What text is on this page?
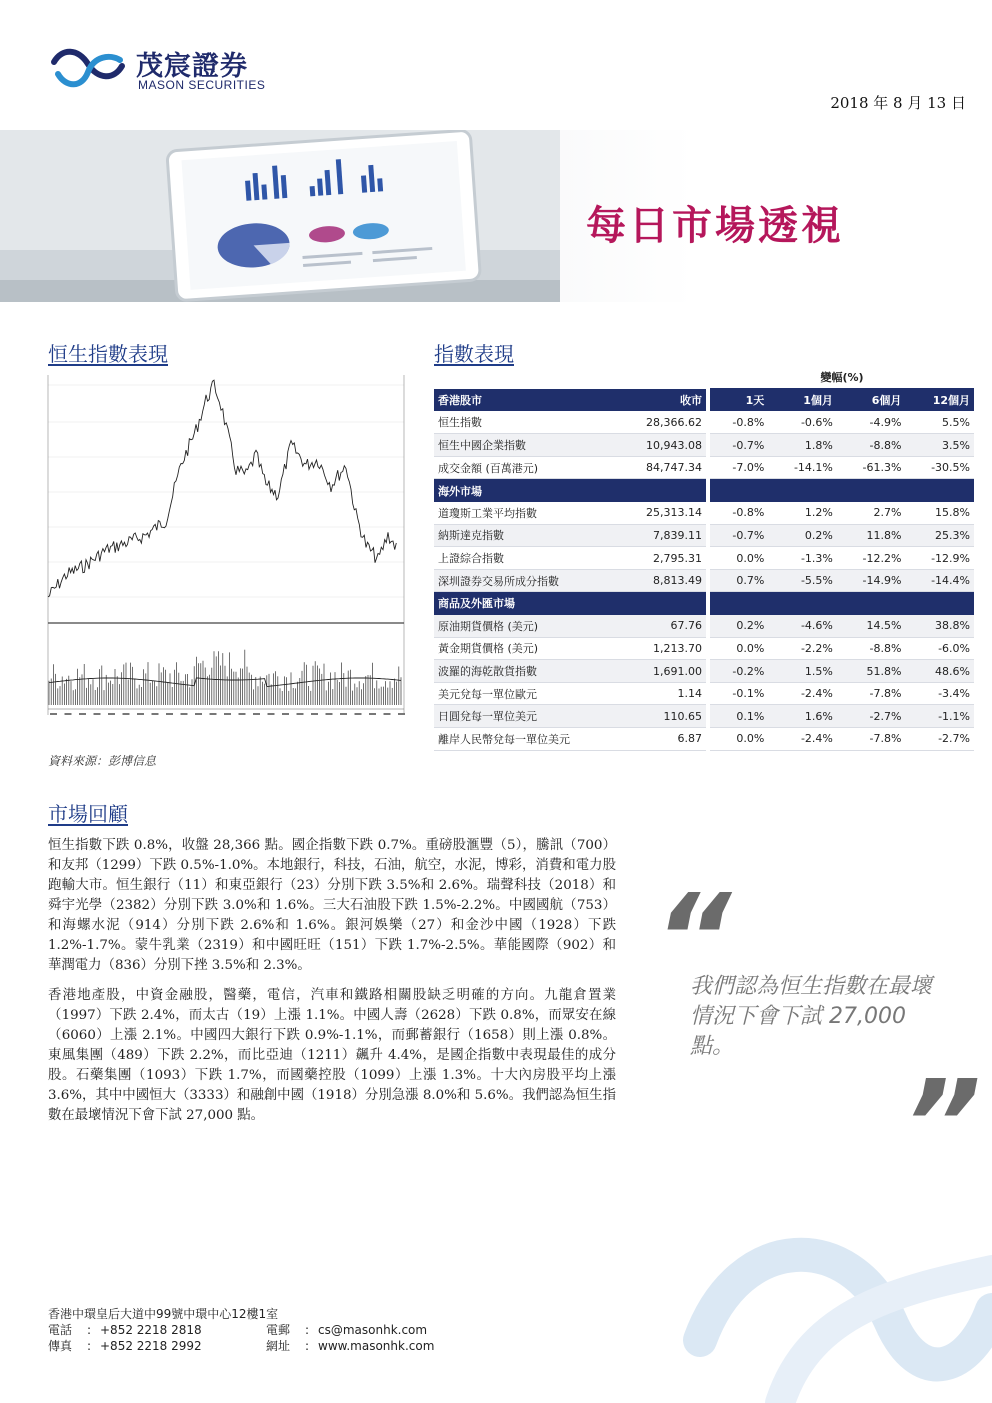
茂宸證券
MASON SECURITIES
2018 年 8 月 13 日
每日市場透視
恒生指數表現	指數表現
市場回顧
資料來源：彭博信息
			變幅(%)			
香港股市	收市		1天	1個月	6個月	12個月
恒生指數	28,366.62		-0.8%	-0.6%	-4.9%	5.5%
恒生中國企業指數	10,943.08		-0.7%	1.8%	-8.8%	3.5%
成交金額 (百萬港元)	84,747.34		-7.0%	-14.1%	-61.3%	-30.5%
海外市場						
道瓊斯工業平均指數	25,313.14		-0.8%	1.2%	2.7%	15.8%
納斯達克指數	7,839.11		-0.7%	0.2%	11.8%	25.3%
上證綜合指數	2,795.31		0.0%	-1.3%	-12.2%	-12.9%
深圳證券交易所成分指數	8,813.49		0.7%	-5.5%	-14.9%	-14.4%
商品及外匯市場						
原油期貨價格 (美元)	67.76		0.2%	-4.6%	14.5%	38.8%
黃金期貨價格 (美元)	1,213.70		0.0%	-2.2%	-8.8%	-6.0%
波羅的海乾散貨指數	1,691.00		-0.2%	1.5%	51.8%	48.6%
美元兌每一單位歐元	1.14		-0.1%	-2.4%	-7.8%	-3.4%
日圓兌每一單位美元	110.65		0.1%	1.6%	-2.7%	-1.1%
離岸人民幣兌每一單位美元	6.87		0.0%	-2.4%	-7.8%	-2.7%

恒生指數下跌 0.8%，收盤 28,366 點。國企指數下跌 0.7%。重磅股滙豐（5），騰訊（700）和友邦（1299）下跌 0.5%-1.0%。本地銀行，科技，石油，航空，水泥，博彩，消費和電力股跑輸大市。恒生銀行（11）和東亞銀行（23）分別下跌 3.5%和 2.6%。瑞聲科技（2018）和舜宇光學（2382）分別下跌 3.0%和 1.6%。三大石油股下跌 1.5%-2.2%。中國國航（753）和海螺水泥（914）分別下跌 2.6%和 1.6%。銀河娛樂（27）和金沙中國（1928）下跌 1.2%-1.7%。蒙牛乳業（2319）和中國旺旺（151）下跌 1.7%-2.5%。華能國際（902）和華潤電力（836）分別下挫 3.5%和 2.3%。

香港地產股，中資金融股，醫藥，電信，汽車和鐵路相關股缺乏明確的方向。九龍倉置業（1997）下跌 2.4%，而太古（19）上漲 1.1%。中國人壽（2628）下跌 0.8%，而眾安在線（6060）上漲 2.1%。中國四大銀行下跌 0.9%-1.1%，而郵蓄銀行（1658）則上漲 0.8%。東風集團（489）下跌 2.2%，而比亞迪（1211）飆升 4.4%，是國企指數中表現最佳的成分股。石藥集團（1093）下跌 1.7%，而國藥控股（1099）上漲 1.3%。十大內房股平均上漲 3.6%，其中中國恒大（3333）和融創中國（1918）分別急漲 8.0%和 5.6%。我們認為恒生指數在最壞情況下會下試 27,000 點。

“
我們認為恒生指數在最壞情況下會下試 27,000 點。
”
香港中環皇后大道中99號中環中心12樓1室
電話	: +852 2218 2818	電郵	: cs@masonhk.com
傳真	: +852 2218 2992	網址	: www.masonhk.com
